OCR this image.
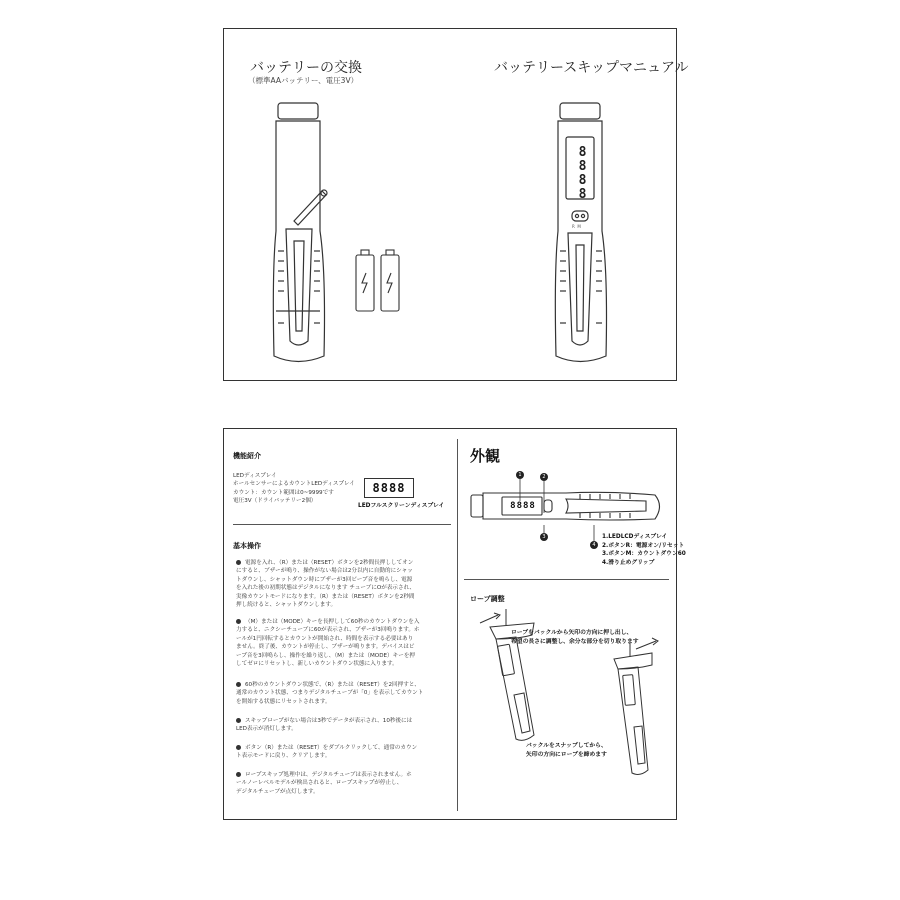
バッテリーの交換

（標準AAバッテリー、電圧3V）

バッテリースキップマニュアル

8
8
8
8

R  M

機能紹介

LEDディスプレイ
ホールセンサーによるカウントLEDディスプレイ
カウント：カウント範囲は0~9999です
電圧3V（ドライバッテリー2個）
8888

LEDフルスクリーンディスプレイ

基本操作

電源を入れ、（R）または（RESET）ボタンを2秒間長押ししてオン
にすると、ブザーが鳴り、操作がない場合は2分以内に自動的にシャッ
トダウンし、シャットダウン時にブザーが3回ビープ音を鳴らし、電源
を入れた後の初期状態はデジタルになります チューブにOが表示され、
実像カウントモードになります。（R）または（RESET）ボタンを2秒間
押し続けると、シャットダウンします。
（M）または（MODE）キーを長押しして60秒のカウントダウンを入
力すると、ニクシーチューブに60が表示され、ブザーが3回鳴ります。ホ
ールが1円回転するとカウントが開始され、時間を表示する必要はあり
ません。終了後、カウントが停止し、ブザーが鳴ります。デバイスはビ
ープ音を3回鳴らし、操作を繰り返し、（M）または（MODE）キーを押
してゼロにリセットし、新しいカウントダウン状態に入ります。
60秒のカウントダウン状態で、（R）または（RESET）を2回押すと、
通常のカウント状態、つまりデジタルチューブが「0」を表示してカウント
を開始する状態にリセットされます。
スキップロープがない場合は3秒でデータが表示され、10秒後には
LED表示が消灯します。
ボタン（R）または（RESET）をダブルクリックして、通常のカウン
ト表示モードに戻り、クリアします。
ロープスキップ処理中は、デジタルチューブは表示されません。ホ
ールノーレベルモデルが検出されると、ロープスキップが停止し、
デジタルチューブが点灯します。

外観

8888
1	2
3
4
1.LEDLCDディスプレイ
2.ボタンR：電源オン/リセット
3.ボタンM：カウントダウン60
4.滑り止めグリップ

ロープ調整

ロープをバックルから矢印の方向に押し出し、
希望の長さに調整し、余分な部分を切り取ります
バックルをスナップしてから、
矢印の方向にロープを締めます
